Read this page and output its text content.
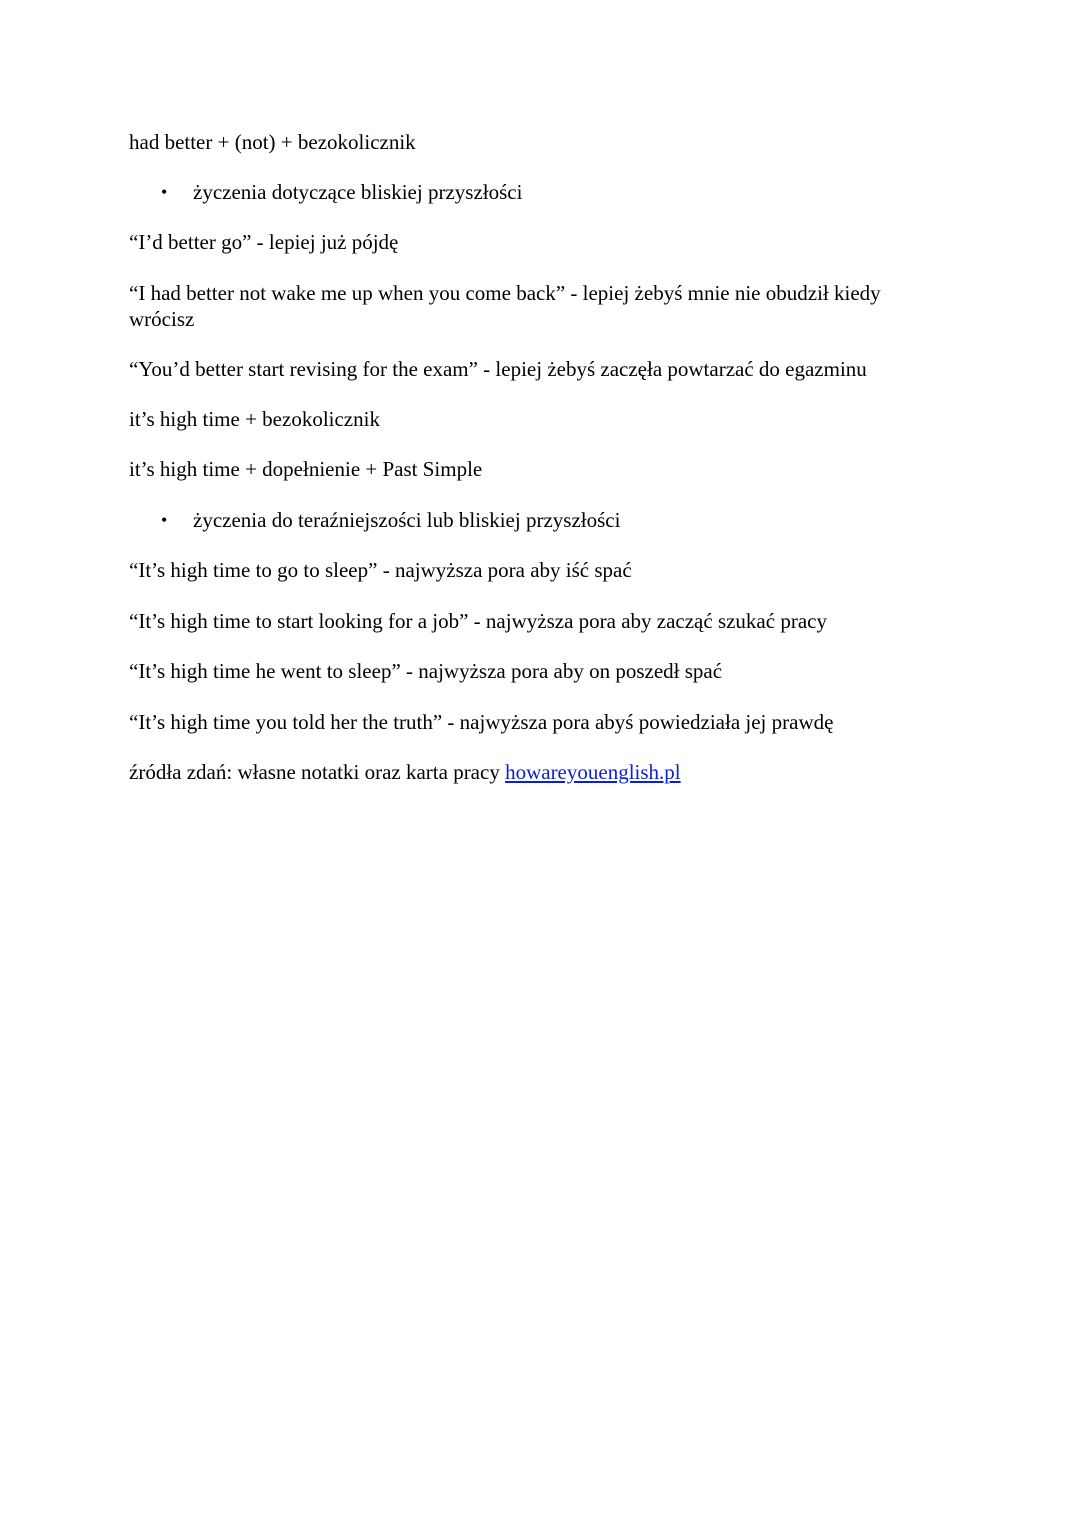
had better + (not) + bezokolicznik
• życzenia dotyczące bliskiej przyszłości
“I’d better go” - lepiej już pójdę
“I had better not wake me up when you come back” - lepiej żebyś mnie nie obudził kiedy wrócisz
“You’d better start revising for the exam” - lepiej żebyś zaczęła powtarzać do egazminu
it’s high time + bezokolicznik
it’s high time + dopełnienie + Past Simple
• życzenia do teraźniejszości lub bliskiej przyszłości
“It’s high time to go to sleep” - najwyższa pora aby iść spać
“It’s high time to start looking for a job” - najwyższa pora aby zacząć szukać pracy
“It’s high time he went to sleep” - najwyższa pora aby on poszedł spać
“It’s high time you told her the truth” - najwyższa pora abyś powiedziała jej prawdę
źródła zdań: własne notatki oraz karta pracy howareyouenglish.pl
